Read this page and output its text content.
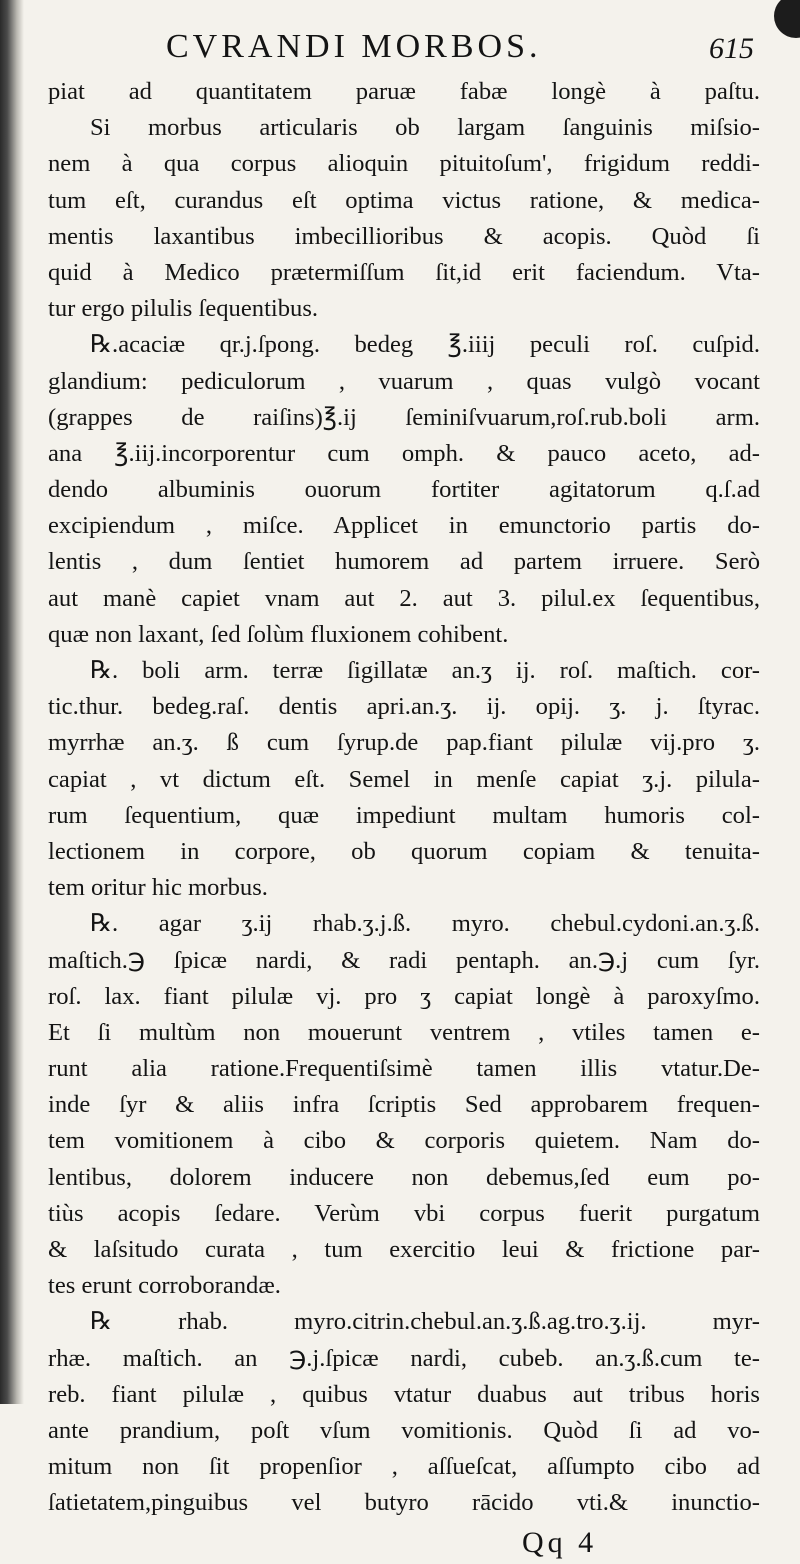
CVRANDI MORBOS.	615
piat ad quantitatem paruæ fabæ longè à paſtu.
Si morbus articularis ob largam ſanguinis miſsio-
nem à qua corpus alioquin pituitoſum', frigidum reddi-
tum eſt, curandus eſt optima victus ratione, & medica-
mentis laxantibus imbecillioribus & acopis. Quòd ſi
quid à Medico prætermiſſum ſit,id erit faciendum. Vta-
tur ergo pilulis ſequentibus.
℞.acaciæ qr.j.ſpong. bedeg ℥.iiij peculi roſ. cuſpid.
glandium: pediculorum , vuarum , quas vulgò vocant
(grappes de raiſins)℥.ij ſeminiſvuarum,roſ.rub.boli arm.
ana ℥.iij.incorporentur cum omph. & pauco aceto, ad-
dendo albuminis ouorum fortiter agitatorum q.ſ.ad
excipiendum , miſce. Applicet in emunctorio partis do-
lentis , dum ſentiet humorem ad partem irruere. Serò
aut manè capiet vnam aut 2. aut 3. pilul.ex ſequentibus,
quæ non laxant, ſed ſolùm fluxionem cohibent.
℞. boli arm. terræ ſigillatæ an.ʒ ij. roſ. maſtich. cor-
tic.thur. bedeg.raſ. dentis apri.an.ʒ. ij. opij. ʒ. j. ſtyrac.
myrrhæ an.ʒ. ß cum ſyrup.de pap.fiant pilulæ vij.pro ʒ.
capiat , vt dictum eſt. Semel in menſe capiat ʒ.j. pilula-
rum ſequentium, quæ impediunt multam humoris col-
lectionem in corpore, ob quorum copiam & tenuita-
tem oritur hic morbus.
℞. agar ʒ.ij rhab.ʒ.j.ß. myro. chebul.cydoni.an.ʒ.ß.
maſtich.℈ ſpicæ nardi, & radi pentaph. an.℈.j cum ſyr.
roſ. lax. fiant pilulæ vj. pro ʒ capiat longè à paroxyſmo.
Et ſi multùm non mouerunt ventrem , vtiles tamen e-
runt alia ratione.Frequentiſsimè tamen illis vtatur.De-
inde ſyr & aliis infra ſcriptis Sed approbarem frequen-
tem vomitionem à cibo & corporis quietem. Nam do-
lentibus, dolorem inducere non debemus,ſed eum po-
tiùs acopis ſedare. Verùm vbi corpus fuerit purgatum
& laſsitudo curata , tum exercitio leui & frictione par-
tes erunt corroborandæ.
℞ rhab. myro.citrin.chebul.an.ʒ.ß.ag.tro.ʒ.ij. myr-
rhæ. maſtich. an ℈.j.ſpicæ nardi, cubeb. an.ʒ.ß.cum te-
reb. fiant pilulæ , quibus vtatur duabus aut tribus horis
ante prandium, poſt vſum vomitionis. Quòd ſi ad vo-
mitum non ſit propenſior , aſſueſcat, aſſumpto cibo ad
ſatietatem,pinguibus vel butyro rācido vti.& inunctio-
Qq 4
